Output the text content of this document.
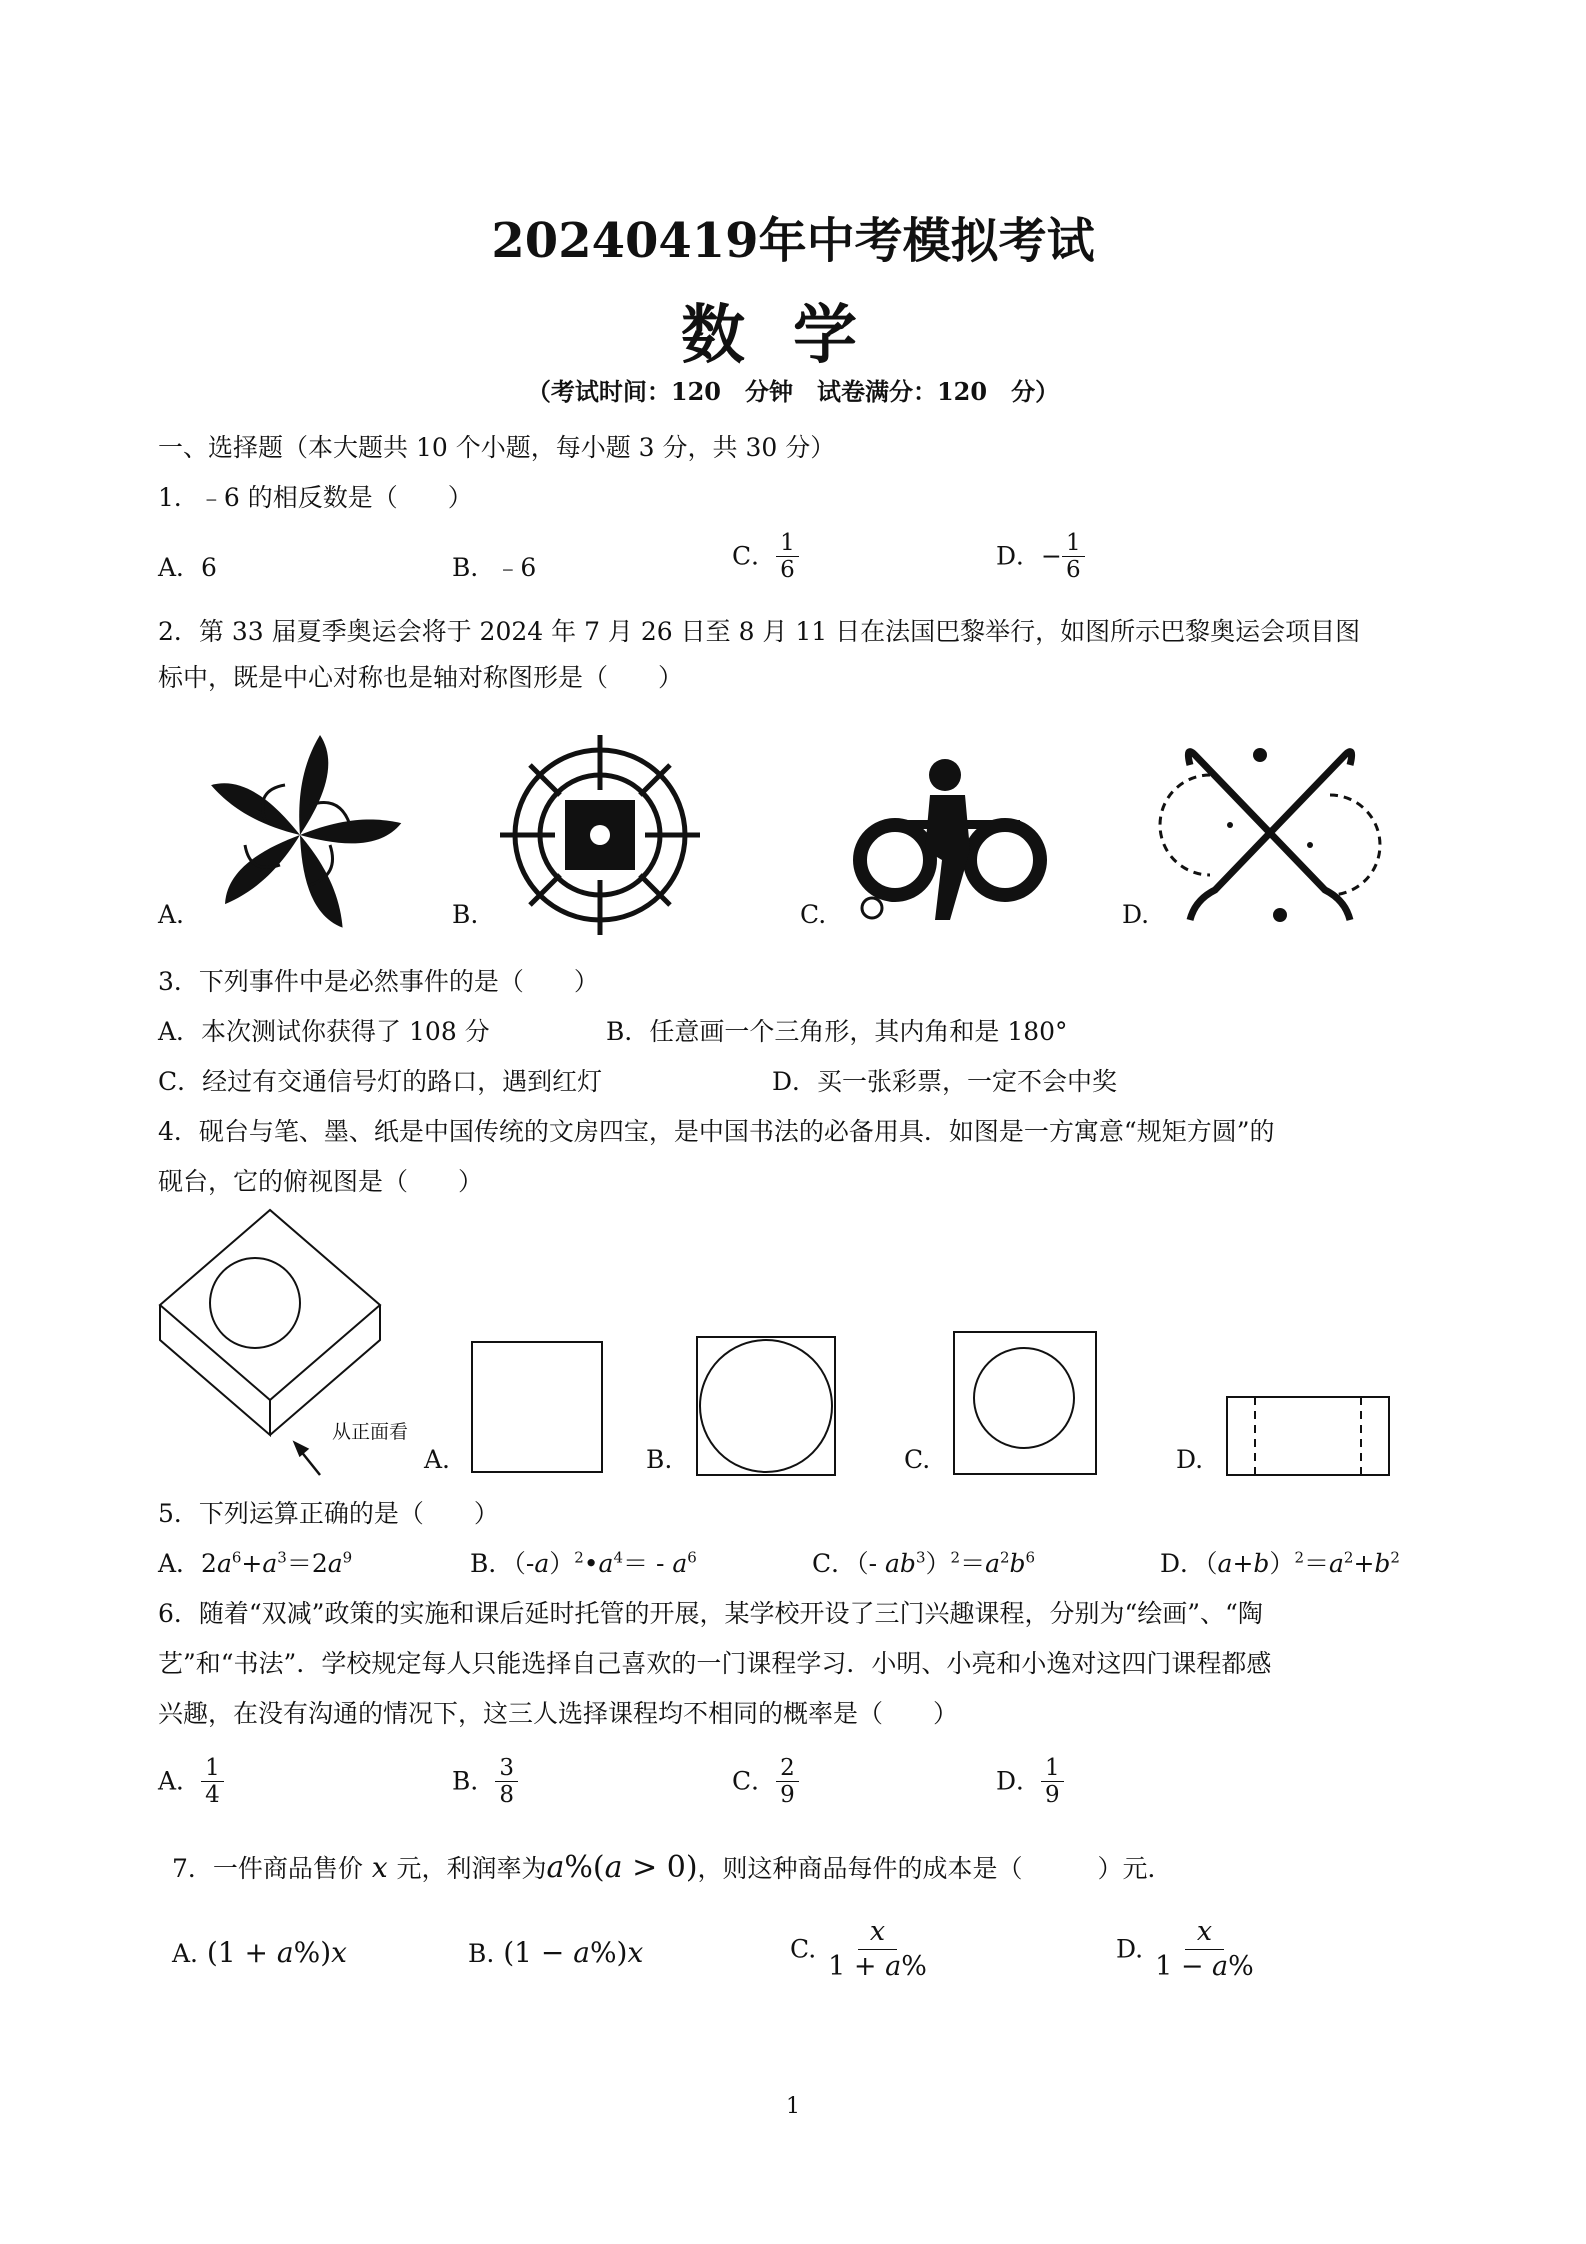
20240419年中考模拟考试
数学
（考试时间：120　分钟　试卷满分：120　分）
一、选择题（本大题共 10 个小题，每小题 3 分，共 30 分）
1．﹣6 的相反数是（　　）
A．6	B．﹣6	C． $\frac{1}{6}$	D．− $\frac{1}{6}$
2．第 33 届夏季奥运会将于 2024 年 7 月 26 日至 8 月 11 日在法国巴黎举行，如图所示巴黎奥运会项目图
标中，既是中心对称也是轴对称图形是（　　）
A.	B.	C.	D.
3．下列事件中是必然事件的是（　　）
A．本次测试你获得了 108 分	B．任意画一个三角形，其内角和是 180°
C．经过有交通信号灯的路口，遇到红灯	D．买一张彩票，一定不会中奖
4．砚台与笔、墨、纸是中国传统的文房四宝，是中国书法的必备用具．如图是一方寓意“规矩方圆”的
砚台，它的俯视图是（　　）
从正面看
A.	B.	C.	D.
5．下列运算正确的是（　　）
A．$2a^6+a^3=2a^9$	B．$(-a)^2•a^4= - a^6$	C．（- $ab^3)^2=a^2b^6$	D．$(a+b)^2=a^2+b^2$
6．随着“双减”政策的实施和课后延时托管的开展，某学校开设了三门兴趣课程，分别为“绘画”、“陶
艺”和“书法”．学校规定每人只能选择自己喜欢的一门课程学习．小明、小亮和小逸对这四门课程都感
兴趣，在没有沟通的情况下，这三人选择课程均不相同的概率是（　　）
A． $\frac{1}{4}$	B． $\frac{3}{8}$	C． $\frac{2}{9}$	D． $\frac{1}{9}$
7．一件商品售价 x 元，利润率为a%(a > 0)，则这种商品每件的成本是（　　　）元．
A. (1 + a%)x	B. (1 − a%)x	C. $\frac{x}{1 + a\%}$	D. $\frac{x}{1 - a\%}$
1
